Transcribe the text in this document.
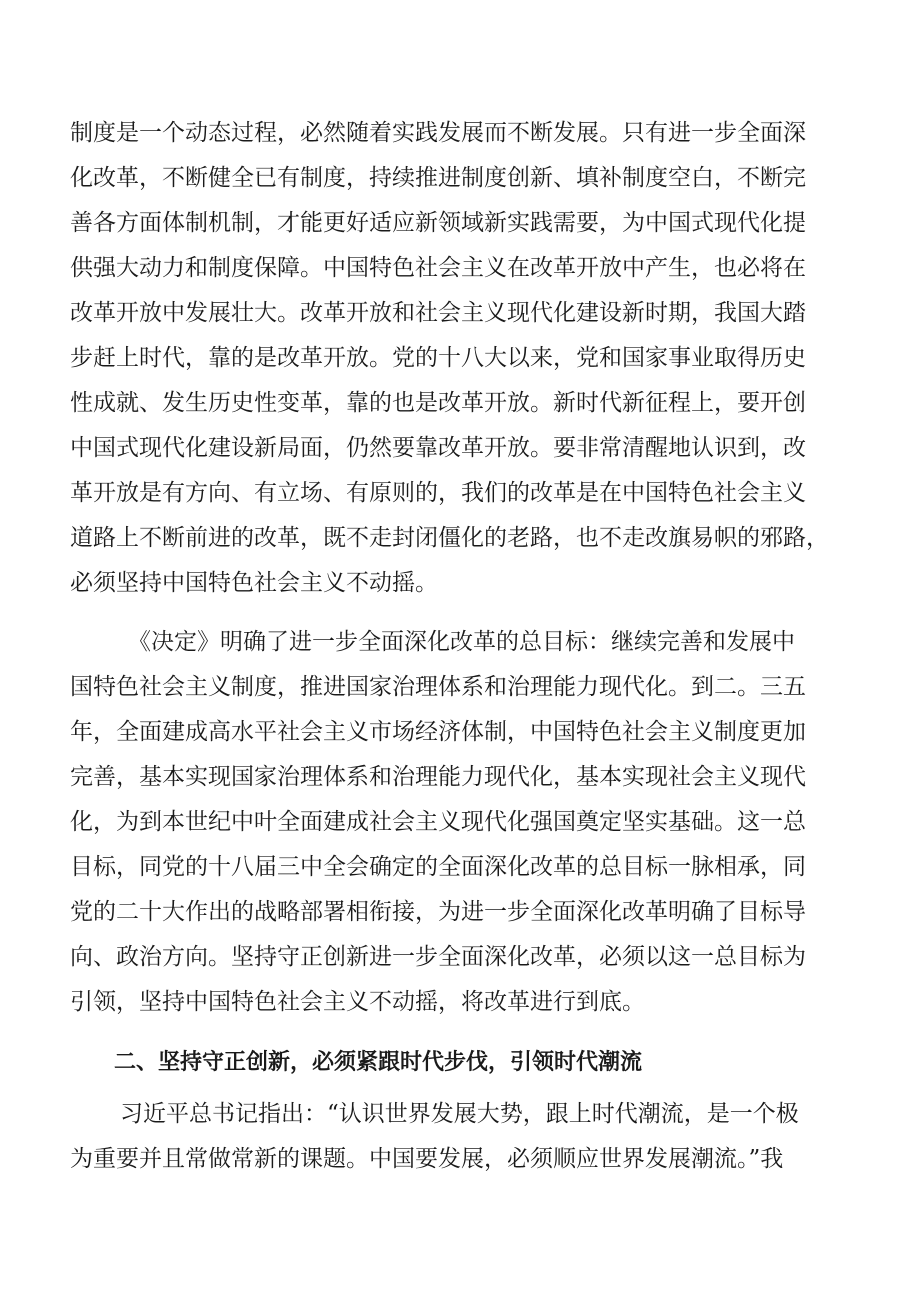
制度是一个动态过程，必然随着实践发展而不断发展。只有进一步全面深
化改革，不断健全已有制度，持续推进制度创新、填补制度空白，不断完
善各方面体制机制，才能更好适应新领域新实践需要，为中国式现代化提
供强大动力和制度保障。中国特色社会主义在改革开放中产生，也必将在
改革开放中发展壮大。改革开放和社会主义现代化建设新时期，我国大踏
步赶上时代，靠的是改革开放。党的十八大以来，党和国家事业取得历史
性成就、发生历史性变革，靠的也是改革开放。新时代新征程上，要开创
中国式现代化建设新局面，仍然要靠改革开放。要非常清醒地认识到，改
革开放是有方向、有立场、有原则的，我们的改革是在中国特色社会主义
道路上不断前进的改革，既不走封闭僵化的老路，也不走改旗易帜的邪路，
必须坚持中国特色社会主义不动摇。
《决定》明确了进一步全面深化改革的总目标：继续完善和发展中
国特色社会主义制度，推进国家治理体系和治理能力现代化。到二。三五
年，全面建成高水平社会主义市场经济体制，中国特色社会主义制度更加
完善，基本实现国家治理体系和治理能力现代化，基本实现社会主义现代
化，为到本世纪中叶全面建成社会主义现代化强国奠定坚实基础。这一总
目标，同党的十八届三中全会确定的全面深化改革的总目标一脉相承，同
党的二十大作出的战略部署相衔接，为进一步全面深化改革明确了目标导
向、政治方向。坚持守正创新进一步全面深化改革，必须以这一总目标为
引领，坚持中国特色社会主义不动摇，将改革进行到底。
二、坚持守正创新，必须紧跟时代步伐，引领时代潮流
习近平总书记指出：“认识世界发展大势，跟上时代潮流，是一个极
为重要并且常做常新的课题。中国要发展，必须顺应世界发展潮流。”我
